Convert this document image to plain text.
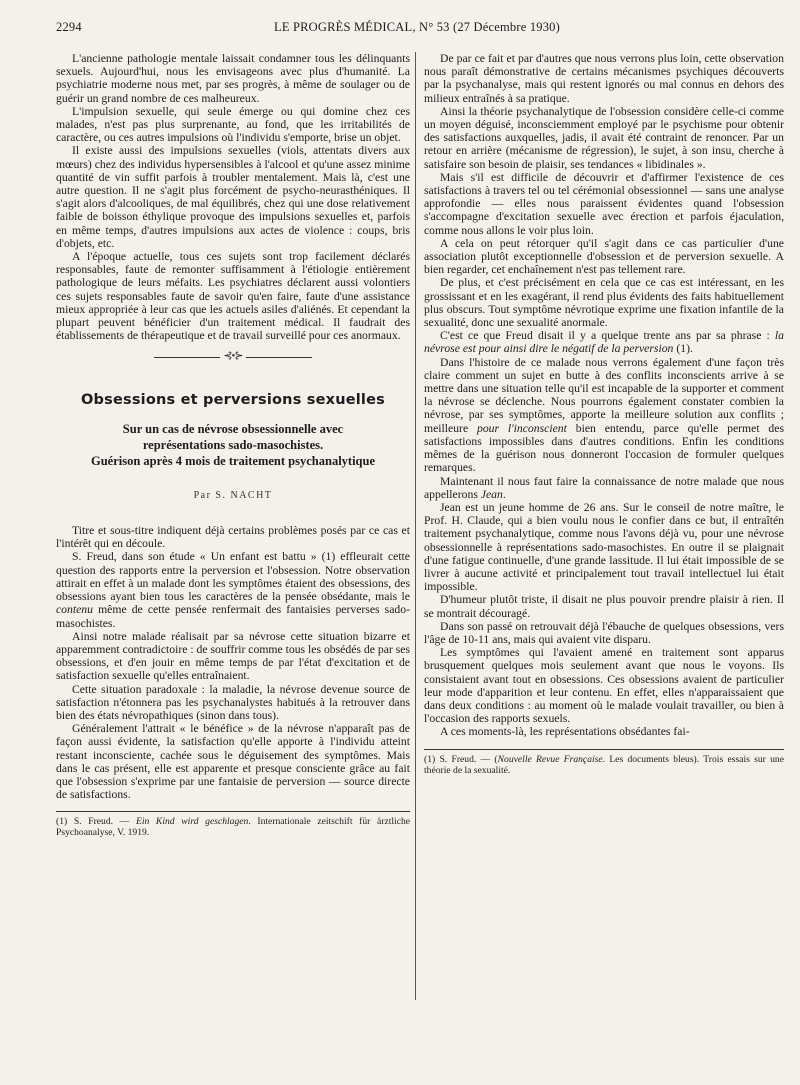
2294	LE PROGRÈS MÉDICAL, N° 53 (27 Décembre 1930)

L'ancienne pathologie mentale laissait condamner tous les délinquants sexuels. Aujourd'hui, nous les envisageons avec plus d'humanité. La psychiatrie moderne nous met, par ses progrès, à même de soulager ou de guérir un grand nombre de ces malheureux.

L'impulsion sexuelle, qui seule émerge ou qui domine chez ces malades, n'est pas plus surprenante, au fond, que les irritabilités de caractère, ou ces autres impulsions où l'individu s'emporte, brise un objet.

Il existe aussi des impulsions sexuelles (viols, attentats divers aux mœurs) chez des individus hypersensibles à l'alcool et qu'une assez minime quantité de vin suffit parfois à troubler mentalement. Mais là, c'est une autre question. Il ne s'agit plus forcément de psycho-neurasthéniques. Il s'agit alors d'alcooliques, de mal équilibrés, chez qui une dose relativement faible de boisson éthylique provoque des impulsions sexuelles et, parfois en même temps, d'autres impulsions aux actes de violence : coups, bris d'objets, etc.

A l'époque actuelle, tous ces sujets sont trop facilement déclarés responsables, faute de remonter suffisamment à l'étiologie entièrement pathologique de leurs méfaits. Les psychiatres déclarent aussi volontiers ces sujets responsables faute de savoir qu'en faire, faute d'une assistance mieux appropriée à leur cas que les actuels asiles d'aliénés. Et cependant la plupart peuvent bénéficier d'un traitement médical. Il faudrait des établissements de thérapeutique et de travail surveillé pour ces anormaux.

⊰•⊱
Obsessions et perversions sexuelles
Sur un cas de névrose obsessionnelle avec
représentations sado-masochistes.
Guérison après 4 mois de traitement psychanalytique
Par S. NACHT

Titre et sous-titre indiquent déjà certains problèmes posés par ce cas et l'intérêt qui en découle.

S. Freud, dans son étude « Un enfant est battu » (1) effleurait cette question des rapports entre la perversion et l'obsession. Notre observation attirait en effet à un malade dont les symptômes étaient des obsessions, des obsessions ayant bien tous les caractères de la pensée obsédante, mais le contenu même de cette pensée renfermait des fantaisies perverses sado-masochistes.

Ainsi notre malade réalisait par sa névrose cette situation bizarre et apparemment contradictoire : de souffrir comme tous les obsédés de par ses obsessions, et d'en jouir en même temps de par l'état d'excitation et de satisfaction sexuelle qu'elles entraînaient.

Cette situation paradoxale : la maladie, la névrose devenue source de satisfaction n'étonnera pas les psychanalystes habitués à la retrouver dans bien des états névropathiques (sinon dans tous).

Généralement l'attrait « le bénéfice » de la névrose n'apparaît pas de façon aussi évidente, la satisfaction qu'elle apporte à l'individu atteint restant inconsciente, cachée sous le déguisement des symptômes. Mais dans le cas présent, elle est apparente et presque consciente grâce au fait que l'obsession s'exprime par une fantaisie de perversion — source directe de satisfactions.

(1) S. Freud. — Ein Kind wird geschlagen. Internationale zeitschift für ärztliche Psychoanalyse, V. 1919.

De par ce fait et par d'autres que nous verrons plus loin, cette observation nous paraît démonstrative de certains mécanismes psychiques découverts par la psychanalyse, mais qui restent ignorés ou mal connus en dehors des milieux entraînés à sa pratique.

Ainsi la théorie psychanalytique de l'obsession considère celle-ci comme un moyen déguisé, inconsciemment employé par le psychisme pour obtenir des satisfactions auxquelles, jadis, il avait été contraint de renoncer. Par un retour en arrière (mécanisme de régression), le sujet, à son insu, cherche à satisfaire son besoin de plaisir, ses tendances « libidinales ».

Mais s'il est difficile de découvrir et d'affirmer l'existence de ces satisfactions à travers tel ou tel cérémonial obsessionnel — sans une analyse approfondie — elles nous paraissent évidentes quand l'obsession s'accompagne d'excitation sexuelle avec érection et parfois éjaculation, comme nous allons le voir plus loin.

A cela on peut rétorquer qu'il s'agit dans ce cas particulier d'une association plutôt exceptionnelle d'obsession et de perversion sexuelle. A bien regarder, cet enchaînement n'est pas tellement rare.

De plus, et c'est précisément en cela que ce cas est intéressant, en les grossissant et en les exagérant, il rend plus évidents des faits habituellement plus obscurs. Tout symptôme névrotique exprime une fixation infantile de la sexualité, donc une sexualité anormale.

C'est ce que Freud disait il y a quelque trente ans par sa phrase : la névrose est pour ainsi dire le négatif de la perversion (1).

Dans l'histoire de ce malade nous verrons également d'une façon très claire comment un sujet en butte à des conflits inconscients arrive à se mettre dans une situation telle qu'il est incapable de la supporter et comment la névrose se déclenche. Nous pourrons également constater combien la névrose, par ses symptômes, apporte la meilleure solution aux conflits ; meilleure pour l'inconscient bien entendu, parce qu'elle permet des satisfactions impossibles dans d'autres conditions. Enfin les conditions mêmes de la guérison nous donneront l'occasion de formuler quelques remarques.

Maintenant il nous faut faire la connaissance de notre malade que nous appellerons Jean.

Jean est un jeune homme de 26 ans. Sur le conseil de notre maître, le Prof. H. Claude, qui a bien voulu nous le confier dans ce but, il entraîtén traitement psychanalytique, comme nous l'avons déjà vu, pour une névrose obsessionnelle à représentations sado-masochistes. En outre il se plaignait d'une fatigue continuelle, d'une grande lassitude. Il lui était impossible de se livrer à aucune activité et principalement tout travail intellectuel lui était impossible.

D'humeur plutôt triste, il disait ne plus pouvoir prendre plaisir à rien. Il se montrait découragé.

Dans son passé on retrouvait déjà l'ébauche de quelques obsessions, vers l'âge de 10-11 ans, mais qui avaient vite disparu.

Les symptômes qui l'avaient amené en traitement sont apparus brusquement quelques mois seulement avant que nous le voyons. Ils consistaient avant tout en obsessions. Ces obsessions avaient de particulier leur mode d'apparition et leur contenu. En effet, elles n'apparaissaient que dans deux conditions : au moment où le malade voulait travailler, ou bien à l'occasion des rapports sexuels.

A ces moments-là, les représentations obsédantes fai-

(1) S. Freud. — (Nouvelle Revue Française. Les documents bleus). Trois essais sur une théorie de la sexualité.
